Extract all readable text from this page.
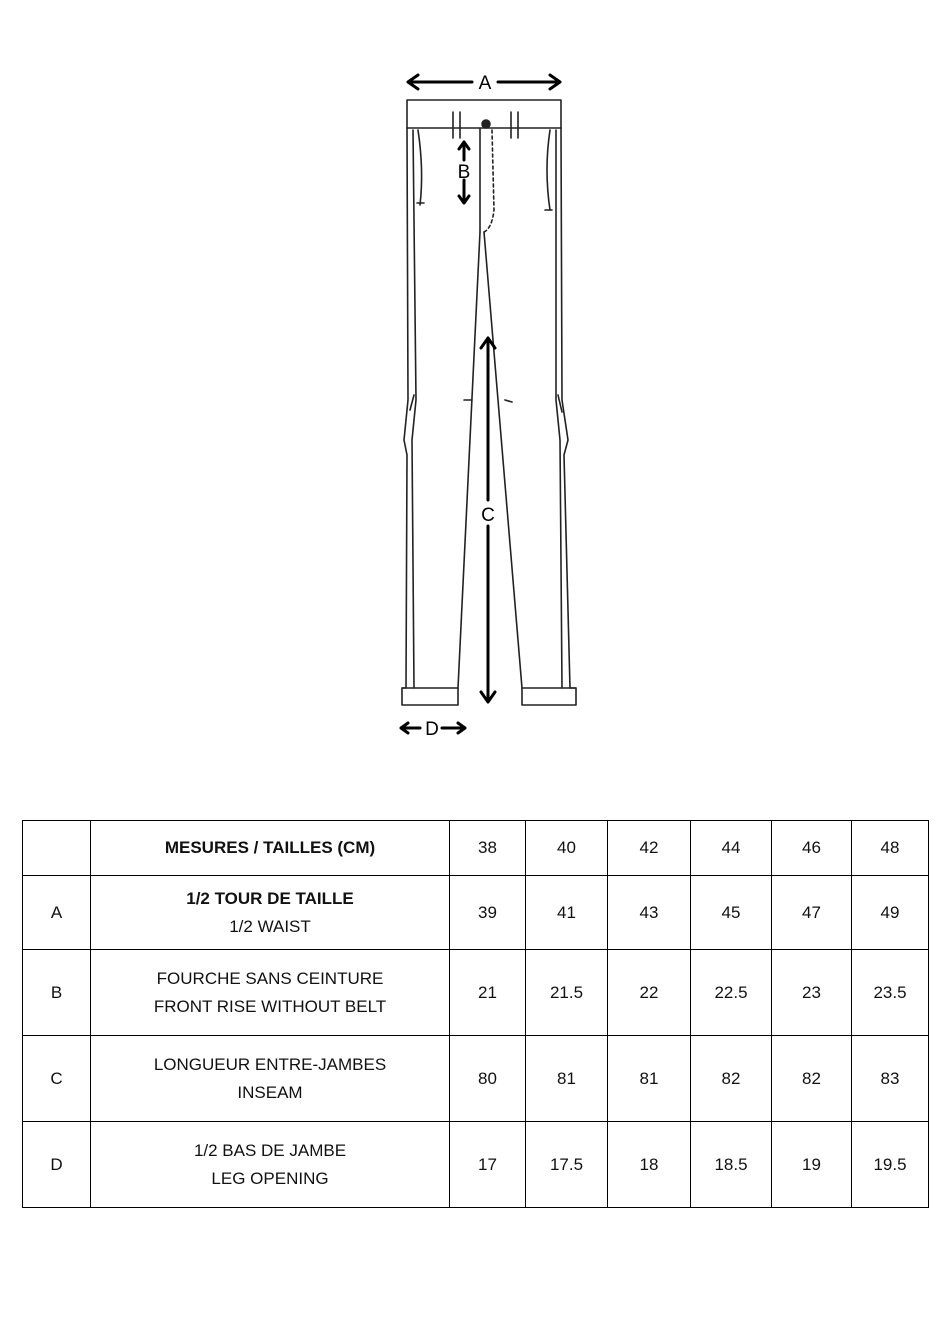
A
B
C
D
	MESURES / TAILLES (CM)	38	40	42	44	46	48
A	1/2 TOUR DE TAILLE
1/2 WAIST	39	41	43	45	47	49
B	FOURCHE SANS CEINTURE
FRONT RISE WITHOUT BELT	21	21.5	22	22.5	23	23.5
C	LONGUEUR ENTRE-JAMBES
INSEAM	80	81	81	82	82	83
D	1/2 BAS DE JAMBE
LEG OPENING	17	17.5	18	18.5	19	19.5
